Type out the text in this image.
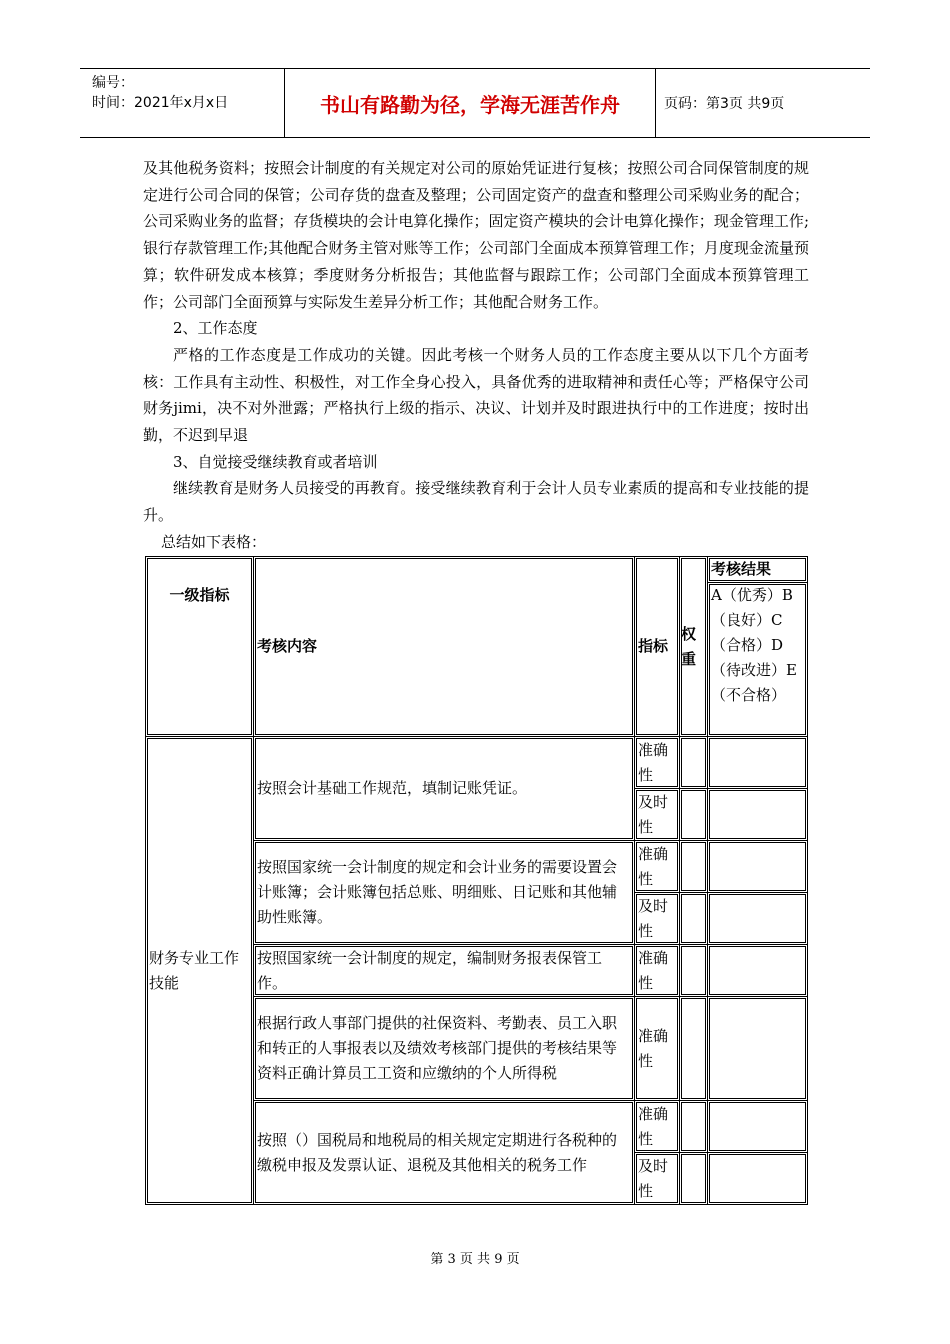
编号：
时间：2021年x月x日	书山有路勤为径，学海无涯苦作舟	页码：第3页 共9页

及其他税务资料；按照会计制度的有关规定对公司的原始凭证进行复核；按照公司合同保管制度的规定进行公司合同的保管；公司存货的盘查及整理；公司固定资产的盘查和整理公司采购业务的配合；公司采购业务的监督；存货模块的会计电算化操作；固定资产模块的会计电算化操作；现金管理工作;银行存款管理工作;其他配合财务主管对账等工作；公司部门全面成本预算管理工作；月度现金流量预算；软件研发成本核算；季度财务分析报告；其他监督与跟踪工作；公司部门全面成本预算管理工作；公司部门全面预算与实际发生差异分析工作；其他配合财务工作。

2、工作态度

严格的工作态度是工作成功的关键。因此考核一个财务人员的工作态度主要从以下几个方面考核：工作具有主动性、积极性，对工作全身心投入，具备优秀的进取精神和责任心等；严格保守公司财务jimi，决不对外泄露；严格执行上级的指示、决议、计划并及时跟进执行中的工作进度；按时出勤，不迟到早退

3、自觉接受继续教育或者培训

继续教育是财务人员接受的再教育。接受继续教育利于会计人员专业素质的提高和专业技能的提升。

总结如下表格：

一级指标	考核内容	指标	权重	考核结果
				A（优秀）B（良好）C（合格）D（待改进）E（不合格）
财务专业工作技能	按照会计基础工作规范，填制记账凭证。	准确性		
		及时性		
	按照国家统一会计制度的规定和会计业务的需要设置会计账簿；会计账簿包括总账、明细账、日记账和其他辅助性账簿。	准确性		
		及时性		
	按照国家统一会计制度的规定，编制财务报表保管工作。	准确性		
	根据行政人事部门提供的社保资料、考勤表、员工入职和转正的人事报表以及绩效考核部门提供的考核结果等资料正确计算员工工资和应缴纳的个人所得税	准确性		
	按照（）国税局和地税局的相关规定定期进行各税种的缴税申报及发票认证、退税及其他相关的税务工作	准确性		
		及时性		
第 3 页 共 9 页
